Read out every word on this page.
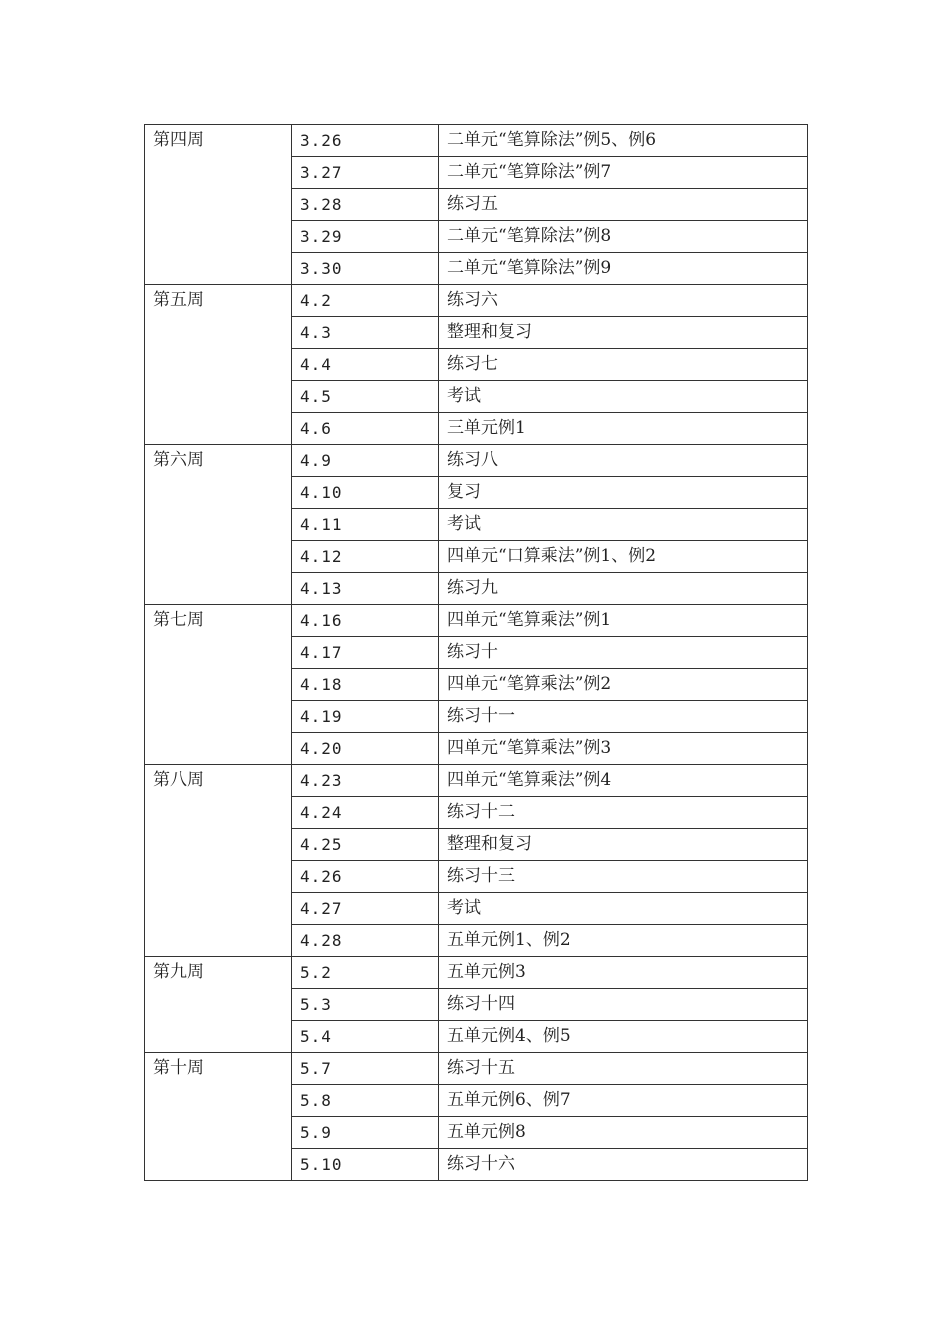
第四周	3.26	二单元“笔算除法”例5、例6
	3.27	二单元“笔算除法”例7
	3.28	练习五
	3.29	二单元“笔算除法”例8
	3.30	二单元“笔算除法”例9
第五周	4.2	练习六
	4.3	整理和复习
	4.4	练习七
	4.5	考试
	4.6	三单元例1
第六周	4.9	练习八
	4.10	复习
	4.11	考试
	4.12	四单元“口算乘法”例1、例2
	4.13	练习九
第七周	4.16	四单元“笔算乘法”例1
	4.17	练习十
	4.18	四单元“笔算乘法”例2
	4.19	练习十一
	4.20	四单元“笔算乘法”例3
第八周	4.23	四单元“笔算乘法”例4
	4.24	练习十二
	4.25	整理和复习
	4.26	练习十三
	4.27	考试
	4.28	五单元例1、例2
第九周	5.2	五单元例3
	5.3	练习十四
	5.4	五单元例4、例5
第十周	5.7	练习十五
	5.8	五单元例6、例7
	5.9	五单元例8
	5.10	练习十六
